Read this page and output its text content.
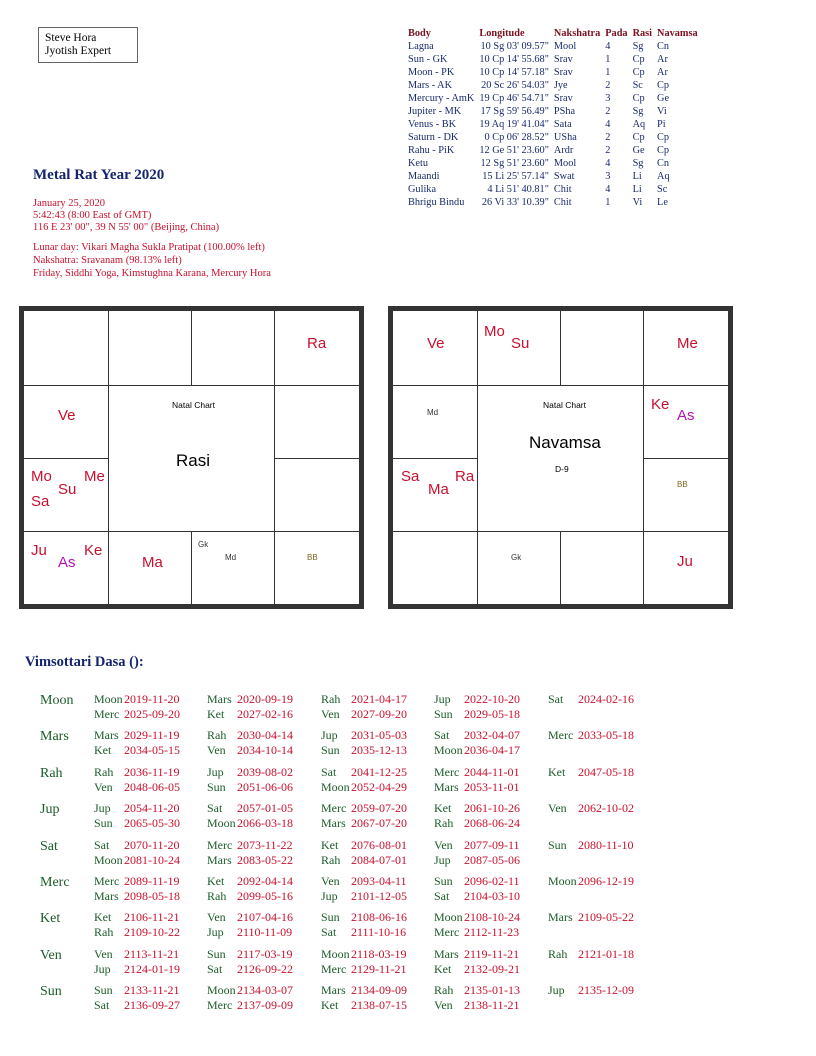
Steve Hora
Jyotish Expert
Metal Rat Year 2020
January 25, 2020
5:42:43 (8:00 East of GMT)
116 E 23' 00", 39 N 55' 00" (Beijing, China)
Lunar day: Vikari Magha Sukla Pratipat (100.00% left)
Nakshatra: Sravanam (98.13% left)
Friday, Siddhi Yoga, Kimstughna Karana, Mercury Hora
Body	Longitude	Nakshatra	Pada	Rasi	Navamsa
Lagna	10 Sg 03' 09.57"	Mool	4	Sg	Cn
Sun - GK	10 Cp 14' 55.68"	Srav	1	Cp	Ar
Moon - PK	10 Cp 14' 57.18"	Srav	1	Cp	Ar
Mars - AK	20 Sc 26' 54.03"	Jye	2	Sc	Cp
Mercury - AmK	19 Cp 46' 54.71"	Srav	3	Cp	Ge
Jupiter - MK	17 Sg 59' 56.49"	PSha	2	Sg	Vi
Venus - BK	19 Aq 19' 41.04"	Sata	4	Aq	Pi
Saturn - DK	0 Cp 06' 28.52"	USha	2	Cp	Cp
Rahu - PiK	12 Ge 51' 23.60"	Ardr	2	Ge	Cp
Ketu	12 Sg 51' 23.60"	Mool	4	Sg	Cn
Maandi	15 Li 25' 57.14"	Swat	3	Li	Aq
Gulika	4 Li 51' 40.81"	Chit	4	Li	Sc
Bhrigu Bindu	26 Vi 33' 10.39"	Chit	1	Vi	Le
Natal Chart
Rasi
Ra
Ve
Mo
Su
Me
Sa
Ju
As
Ke
Ma
Gk
Md	BB
Natal Chart
Navamsa
D-9
Ve
Mo
Su	Me
Md	Ke
As
Sa
Ma
Ra	BB
Gk	Ju
Vimsottari Dasa ():
Moon Moon 2019-11-20 Mars 2020-09-19 Rah 2021-04-17 Jup 2022-10-20 Sat 2024-02-16
Merc 2025-09-20 Ket 2027-02-16 Ven 2027-09-20 Sun 2029-05-18
Mars Mars 2029-11-19 Rah 2030-04-14 Jup 2031-05-03 Sat 2032-04-07 Merc 2033-05-18
Ket 2034-05-15 Ven 2034-10-14 Sun 2035-12-13 Moon 2036-04-17
Rah	Rah 2036-11-19 Jup 2039-08-02 Sat 2041-12-25 Merc 2044-11-01 Ket 2047-05-18
Ven 2048-06-05 Sun 2051-06-06 Moon 2052-04-29 Mars 2053-11-01
Jup	Jup 2054-11-20 Sat 2057-01-05 Merc 2059-07-20 Ket 2061-10-26 Ven 2062-10-02
Sun 2065-05-30 Moon 2066-03-18 Mars 2067-07-20 Rah 2068-06-24
Sat	Sat 2070-11-20 Merc 2073-11-22 Ket 2076-08-01 Ven 2077-09-11 Sun 2080-11-10
Moon 2081-10-24 Mars 2083-05-22 Rah 2084-07-01 Jup 2087-05-06
Merc Merc 2089-11-19 Ket 2092-04-14 Ven 2093-04-11 Sun 2096-02-11 Moon 2096-12-19
Mars 2098-05-18 Rah 2099-05-16 Jup 2101-12-05 Sat 2104-03-10
Ket	Ket 2106-11-21 Ven 2107-04-16 Sun 2108-06-16 Moon 2108-10-24 Mars 2109-05-22
Rah 2109-10-22 Jup 2110-11-09 Sat 2111-10-16 Merc 2112-11-23
Ven	Ven 2113-11-21 Sun 2117-03-19 Moon 2118-03-19 Mars 2119-11-21 Rah 2121-01-18
Jup 2124-01-19 Sat 2126-09-22 Merc 2129-11-21 Ket 2132-09-21
Sun	Sun 2133-11-21 Moon 2134-03-07 Mars 2134-09-09 Rah 2135-01-13 Jup 2135-12-09
Sat 2136-09-27 Merc 2137-09-09 Ket 2138-07-15 Ven 2138-11-21
